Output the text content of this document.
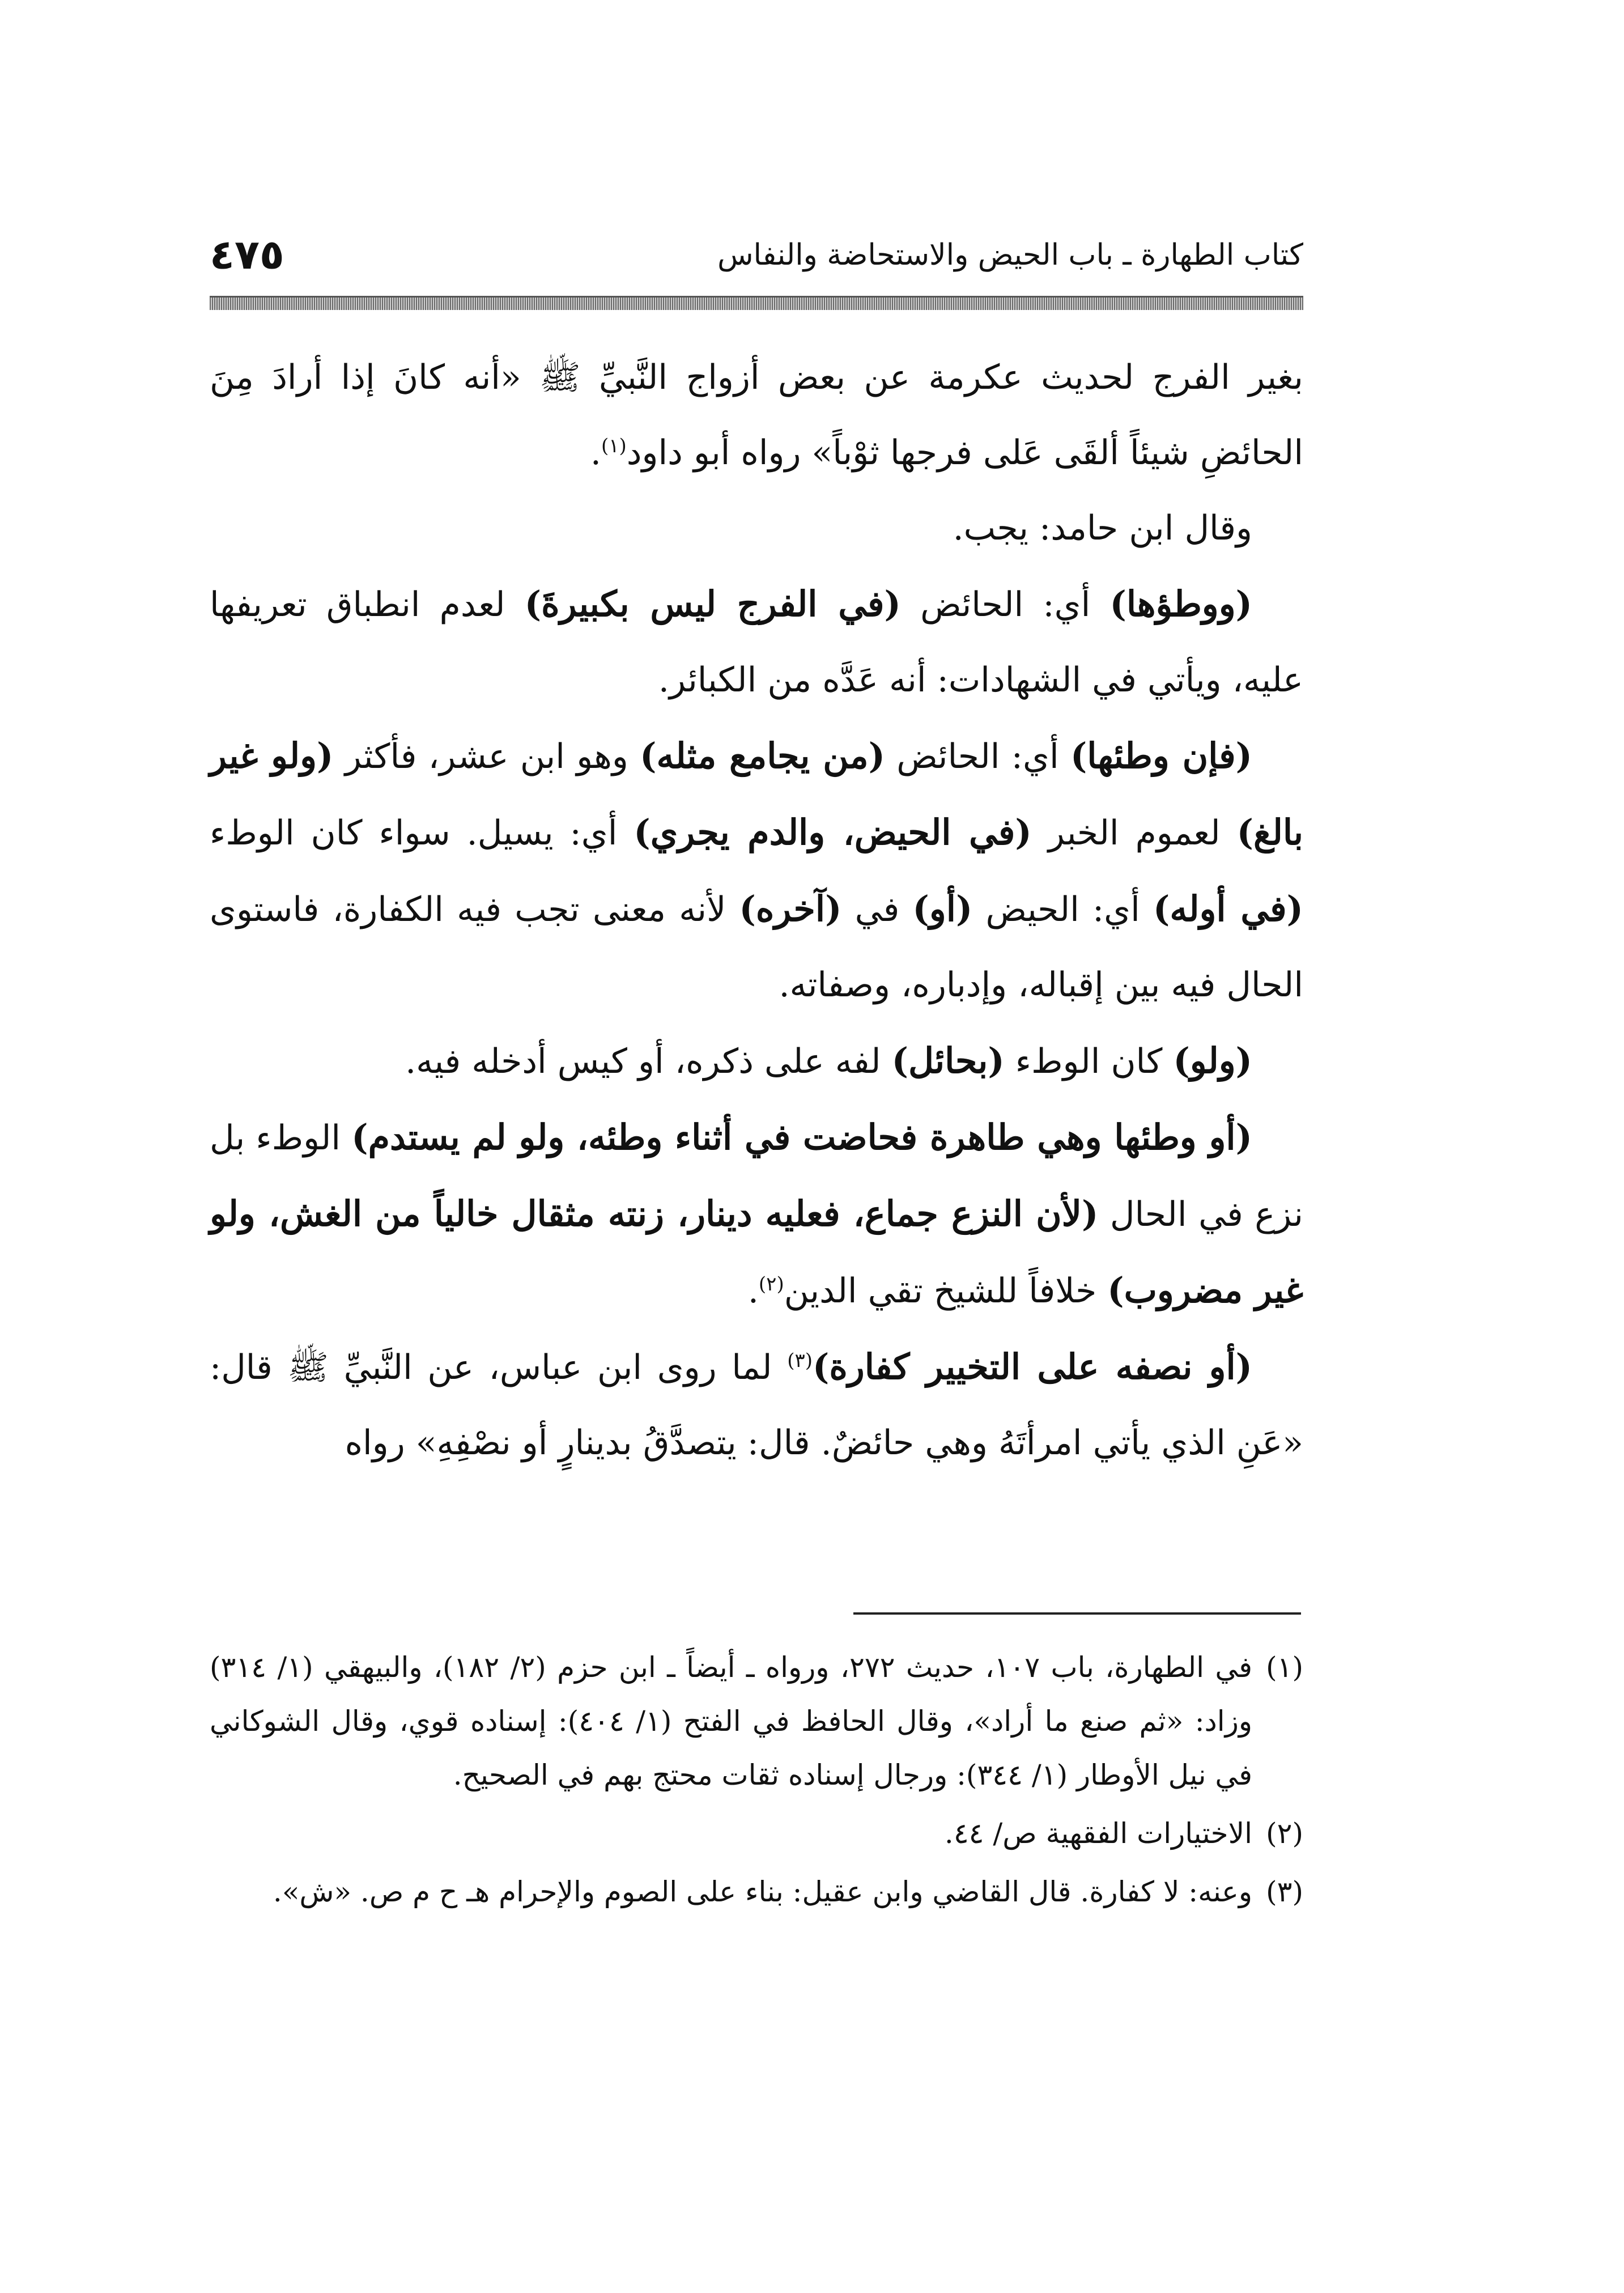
كتاب الطهارة ـ باب الحيض والاستحاضة والنفاس
٤٧٥

بغير الفرج لحديث عكرمة عن بعض أزواج النَّبيِّ ﷺ «أنه كانَ إذا أرادَ مِنَ الحائضِ شيئاً ألقَى عَلى فرجها ثوْباً» رواه أبو داود$^{(١)}$.

وقال ابن حامد: يجب.

(ووطؤها) أي: الحائض (في الفرج ليس بكبيرةَ) لعدم انطباق تعريفها عليه، ويأتي في الشهادات: أنه عَدَّه من الكبائر.

(فإن وطئها) أي: الحائض (من يجامع مثله) وهو ابن عشر، فأكثر (ولو غير بالغ) لعموم الخبر (في الحيض، والدم يجري) أي: يسيل. سواء كان الوطء (في أوله) أي: الحيض (أو) في (آخره) لأنه معنى تجب فيه الكفارة، فاستوى الحال فيه بين إقباله، وإدباره، وصفاته.

(ولو) كان الوطء (بحائل) لفه على ذكره، أو كيس أدخله فيه.

(أو وطئها وهي طاهرة فحاضت في أثناء وطئه، ولو لم يستدم) الوطء بل نزع في الحال (لأن النزع جماع، فعليه دينار، زنته مثقال خالياً من الغش، ولو غير مضروب) خلافاً للشيخ تقي الدين$^{(٢)}$.

(أو نصفه على التخيير كفارة)$^{(٣)}$ لما روى ابن عباس، عن النَّبيِّ ﷺ قال: «عَنِ الذي يأتي امرأتَهُ وهي حائضٌ. قال: يتصدَّقُ بدينارٍ أو نصْفِهِ» رواه

(١)
في الطهارة، باب ١٠٧، حديث ٢٧٢، ورواه ـ أيضاً ـ ابن حزم (٢/ ١٨٢)، والبيهقي (١/ ٣١٤) وزاد: «ثم صنع ما أراد»، وقال الحافظ في الفتح (١/ ٤٠٤): إسناده قوي، وقال الشوكاني في نيل الأوطار (١/ ٣٤٤): ورجال إسناده ثقات محتج بهم في الصحيح.
(٢)
الاختيارات الفقهية ص/ ٤٤.
(٣)
وعنه: لا كفارة. قال القاضي وابن عقيل: بناء على الصوم والإحرام هـ ح م ص. «ش».
